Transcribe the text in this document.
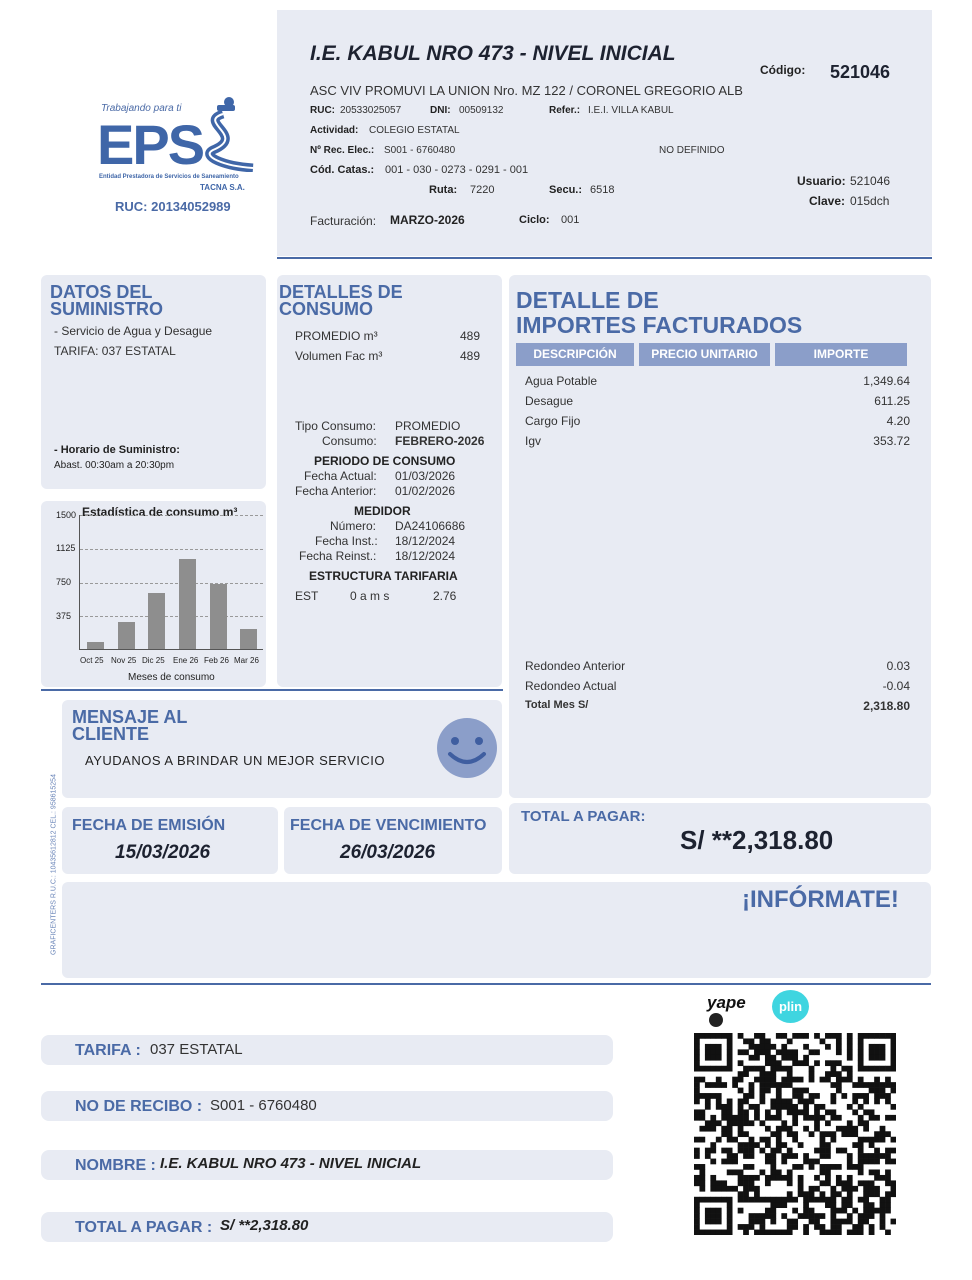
Trabajando para ti
EPS
Entidad Prestadora de Servicios de Saneamiento
TACNA S.A.
RUC: 20134052989
I.E. KABUL NRO 473 - NIVEL INICIAL
ASC VIV PROMUVI LA UNION Nro. MZ 122 / CORONEL GREGORIO ALB
Código: 521046
RUC: 20533025057	DNI: 00509132	Refer.: I.E.I. VILLA KABUL
Actividad: COLEGIO ESTATAL
Nº Rec. Elec.: S001 - 6760480	NO DEFINIDO
Cód. Catas.: 001 - 030 - 0273 - 0291 - 001
Ruta: 7220	Secu.: 6518
Usuario: 521046
Clave: 015dch
Facturación: MARZO-2026	Ciclo: 001
DATOS DEL
SUMINISTRO
- Servicio de Agua y Desague
TARIFA: 037 ESTATAL
- Horario de Suministro:
Abast. 00:30am a 20:30pm
Estadística de consumo m³
1500
1125
750
375
Oct 25 Nov 25 Dic 25 Ene 26 Feb 26 Mar 26
Meses de consumo
DETALLES DE
CONSUMO
PROMEDIO m³	489
Volumen Fac m³	489
Tipo Consumo: PROMEDIO
Consumo: FEBRERO-2026
PERIODO DE CONSUMO
Fecha Actual: 01/03/2026
Fecha Anterior: 01/02/2026
MEDIDOR
Número: DA24106686
Fecha Inst.: 18/12/2024
Fecha Reinst.: 18/12/2024
ESTRUCTURA TARIFARIA
EST	0 a m s	2.76
DETALLE DE
IMPORTES FACTURADOS
DESCRIPCIÓN	PRECIO UNITARIO	IMPORTE
Agua Potable	1,349.64
Desague	611.25
Cargo Fijo	4.20
Igv	353.72
Redondeo Anterior	0.03
Redondeo Actual	-0.04
Total Mes S/	2,318.80
MENSAJE AL
CLIENTE
AYUDANOS A BRINDAR UN MEJOR SERVICIO
GRAFICENTERS R.U.C.: 10435612812 CEL.: 958615254 FECHA DE EMISIÓN
15/03/2026
FECHA DE VENCIMIENTO
26/03/2026
TOTAL A PAGAR:
S/ **2,318.80
¡INFÓRMATE!
yape	plin
TARIFA : 037 ESTATAL
NO DE RECIBO : S001 - 6760480
NOMBRE : I.E. KABUL NRO 473 - NIVEL INICIAL
TOTAL A PAGAR : S/ **2,318.80
